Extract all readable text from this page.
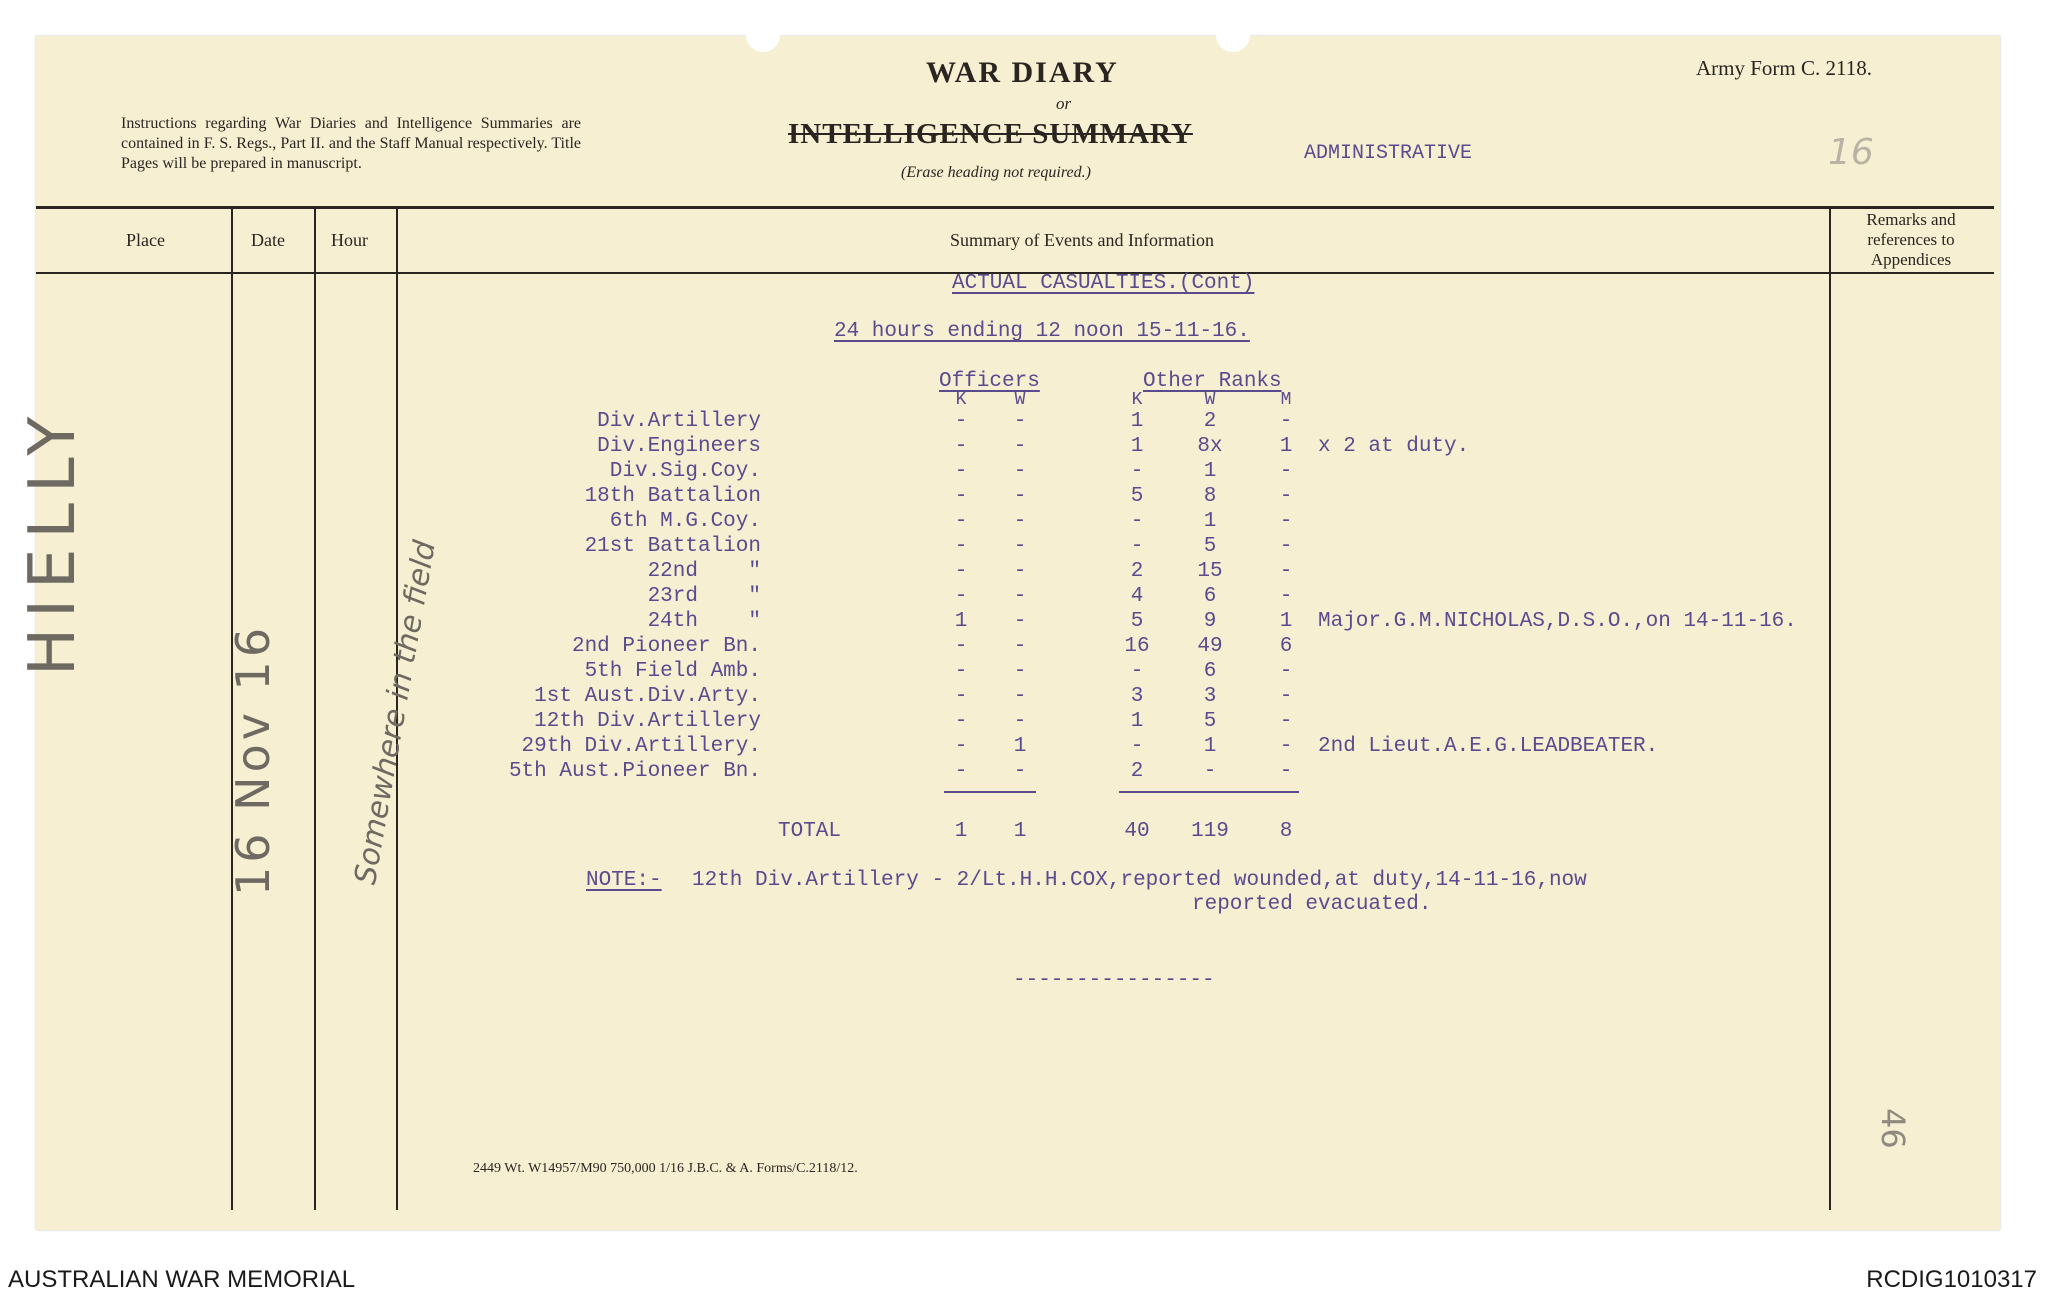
WAR DIARY
or
INTELLIGENCE SUMMARY
(Erase heading not required.)
Army Form C. 2118.
Instructions regarding War Diaries and Intelligence Summaries are contained in F. S. Regs., Part II. and the Staff Manual respectively. Title Pages will be prepared in manuscript.	ADMINISTRATIVE	16
Place	Date	Hour	Summary of Events and Information
Remarks and references to Appendices
HIELLY
16 Nov 16 Somewhere in the field
ACTUAL CASUALTIES.(Cont)
24 hours ending 12 noon 15-11-16.
Officers	Other Ranks
K	W	K	W	M
Div.Artillery	-	-	1	2	-
Div.Engineers	-	-	1	8x	1	x 2 at duty.
Div.Sig.Coy.	-	-	-	1	-
18th Battalion	-	-	5	8	-
6th M.G.Coy.	-	-	-	1	-
21st Battalion	-	-	-	5	-
22nd    "	-	-	2	15	-
23rd    "	-	-	4	6	-
24th    "	1	-	5	9	1	Major.G.M.NICHOLAS,D.S.O.,on 14-11-16.
2nd Pioneer Bn.	-	-	16	49	6
5th Field Amb.	-	-	-	6	-
1st Aust.Div.Arty.	-	-	3	3	-
12th Div.Artillery	-	-	1	5	-
29th Div.Artillery.	-	1	-	1	-	2nd Lieut.A.E.G.LEADBEATER.
5th Aust.Pioneer Bn.	-	-	2	-	-
TOTAL	1	1	40	119	8
NOTE:- 12th Div.Artillery - 2/Lt.H.H.COX,reported wounded,at duty,14-11-16,now
reported evacuated.
----------------
2449 Wt. W14957/M90 750,000 1/16 J.B.C. & A. Forms/C.2118/12.
46
AUSTRALIAN WAR MEMORIAL	RCDIG1010317
